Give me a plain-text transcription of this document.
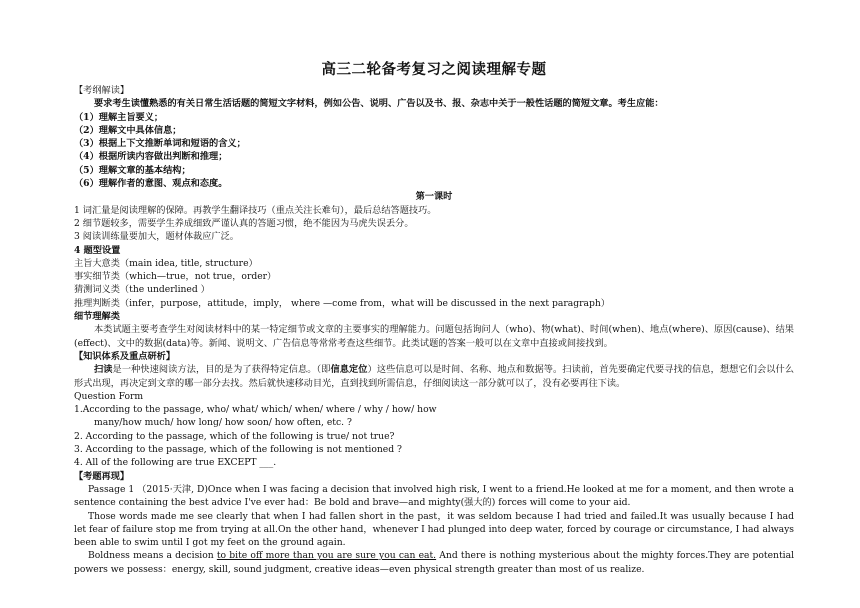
高三二轮备考复习之阅读理解专题
【考纲解读】
要求考生读懂熟悉的有关日常生活话题的简短文字材料，例如公告、说明、广告以及书、报、杂志中关于一般性话题的简短文章。考生应能：
（1）理解主旨要义；
（2）理解文中具体信息；
（3）根据上下文推断单词和短语的含义；
（4）根据所读内容做出判断和推理；
（5）理解文章的基本结构；
（6）理解作者的意图、观点和态度。
第一课时
1 词汇量是阅读理解的保障。再教学生翻译技巧（重点关注长难句），最后总结答题技巧。
2 细节题较多，需要学生养成细致严谨认真的答题习惯，绝不能因为马虎失误丢分。
3 阅读训练量要加大，题材体裁应广泛。
4 题型设置
主旨大意类（main idea, title, structure）
事实细节类（which—true，not true，order）
猜测词义类（the underlined ）
推理判断类（infer，purpose，attitude，imply， where —come from，what will be discussed in the next paragraph）
细节理解类
本类试题主要考查学生对阅读材料中的某一特定细节或文章的主要事实的理解能力。问题包括询问人（who)、物(what)、时间(when)、地点(where)、原因(cause)、结果(effect)、文中的数据(data)等。新闻、说明文、广告信息等常常考查这些细节。此类试题的答案一般可以在文章中直接或间接找到。
【知识体系及重点研析】
扫读是一种快速阅读方法，目的是为了获得特定信息。（即信息定位）这些信息可以是时间、名称、地点和数据等。扫读前，首先要确定代要寻找的信息，想想它们会以什么形式出现，再决定到文章的哪一部分去找。然后就快速移动目光，直到找到所需信息，仔细阅读这一部分就可以了，没有必要再往下读。
Question Form
1.According to the passage, who/ what/ which/ when/ where / why / how/ how
many/how much/ how long/ how soon/ how often, etc. ?
2. According to the passage, which of the following is true/ not true?
3. According to the passage, which of the following is not mentioned ?
4. All of the following are true EXCEPT ___.
【考题再现】
Passage 1 （2015·天津, D)Once when I was facing a decision that involved high risk, I went to a friend.He looked at me for a moment, and then wrote a sentence containing the best advice I've ever had：Be bold and brave—and mighty(强大的) forces will come to your aid.
Those words made me see clearly that when I had fallen short in the past，it was seldom because I had tried and failed.It was usually because I had let fear of failure stop me from trying at all.On the other hand，whenever I had plunged into deep water, forced by courage or circumstance, I had always been able to swim until I got my feet on the ground again.
Boldness means a decision to bite off more than you are sure you can eat. And there is nothing mysterious about the mighty forces.They are potential powers we possess：energy, skill, sound judgment, creative ideas—even physical strength greater than most of us realize.
